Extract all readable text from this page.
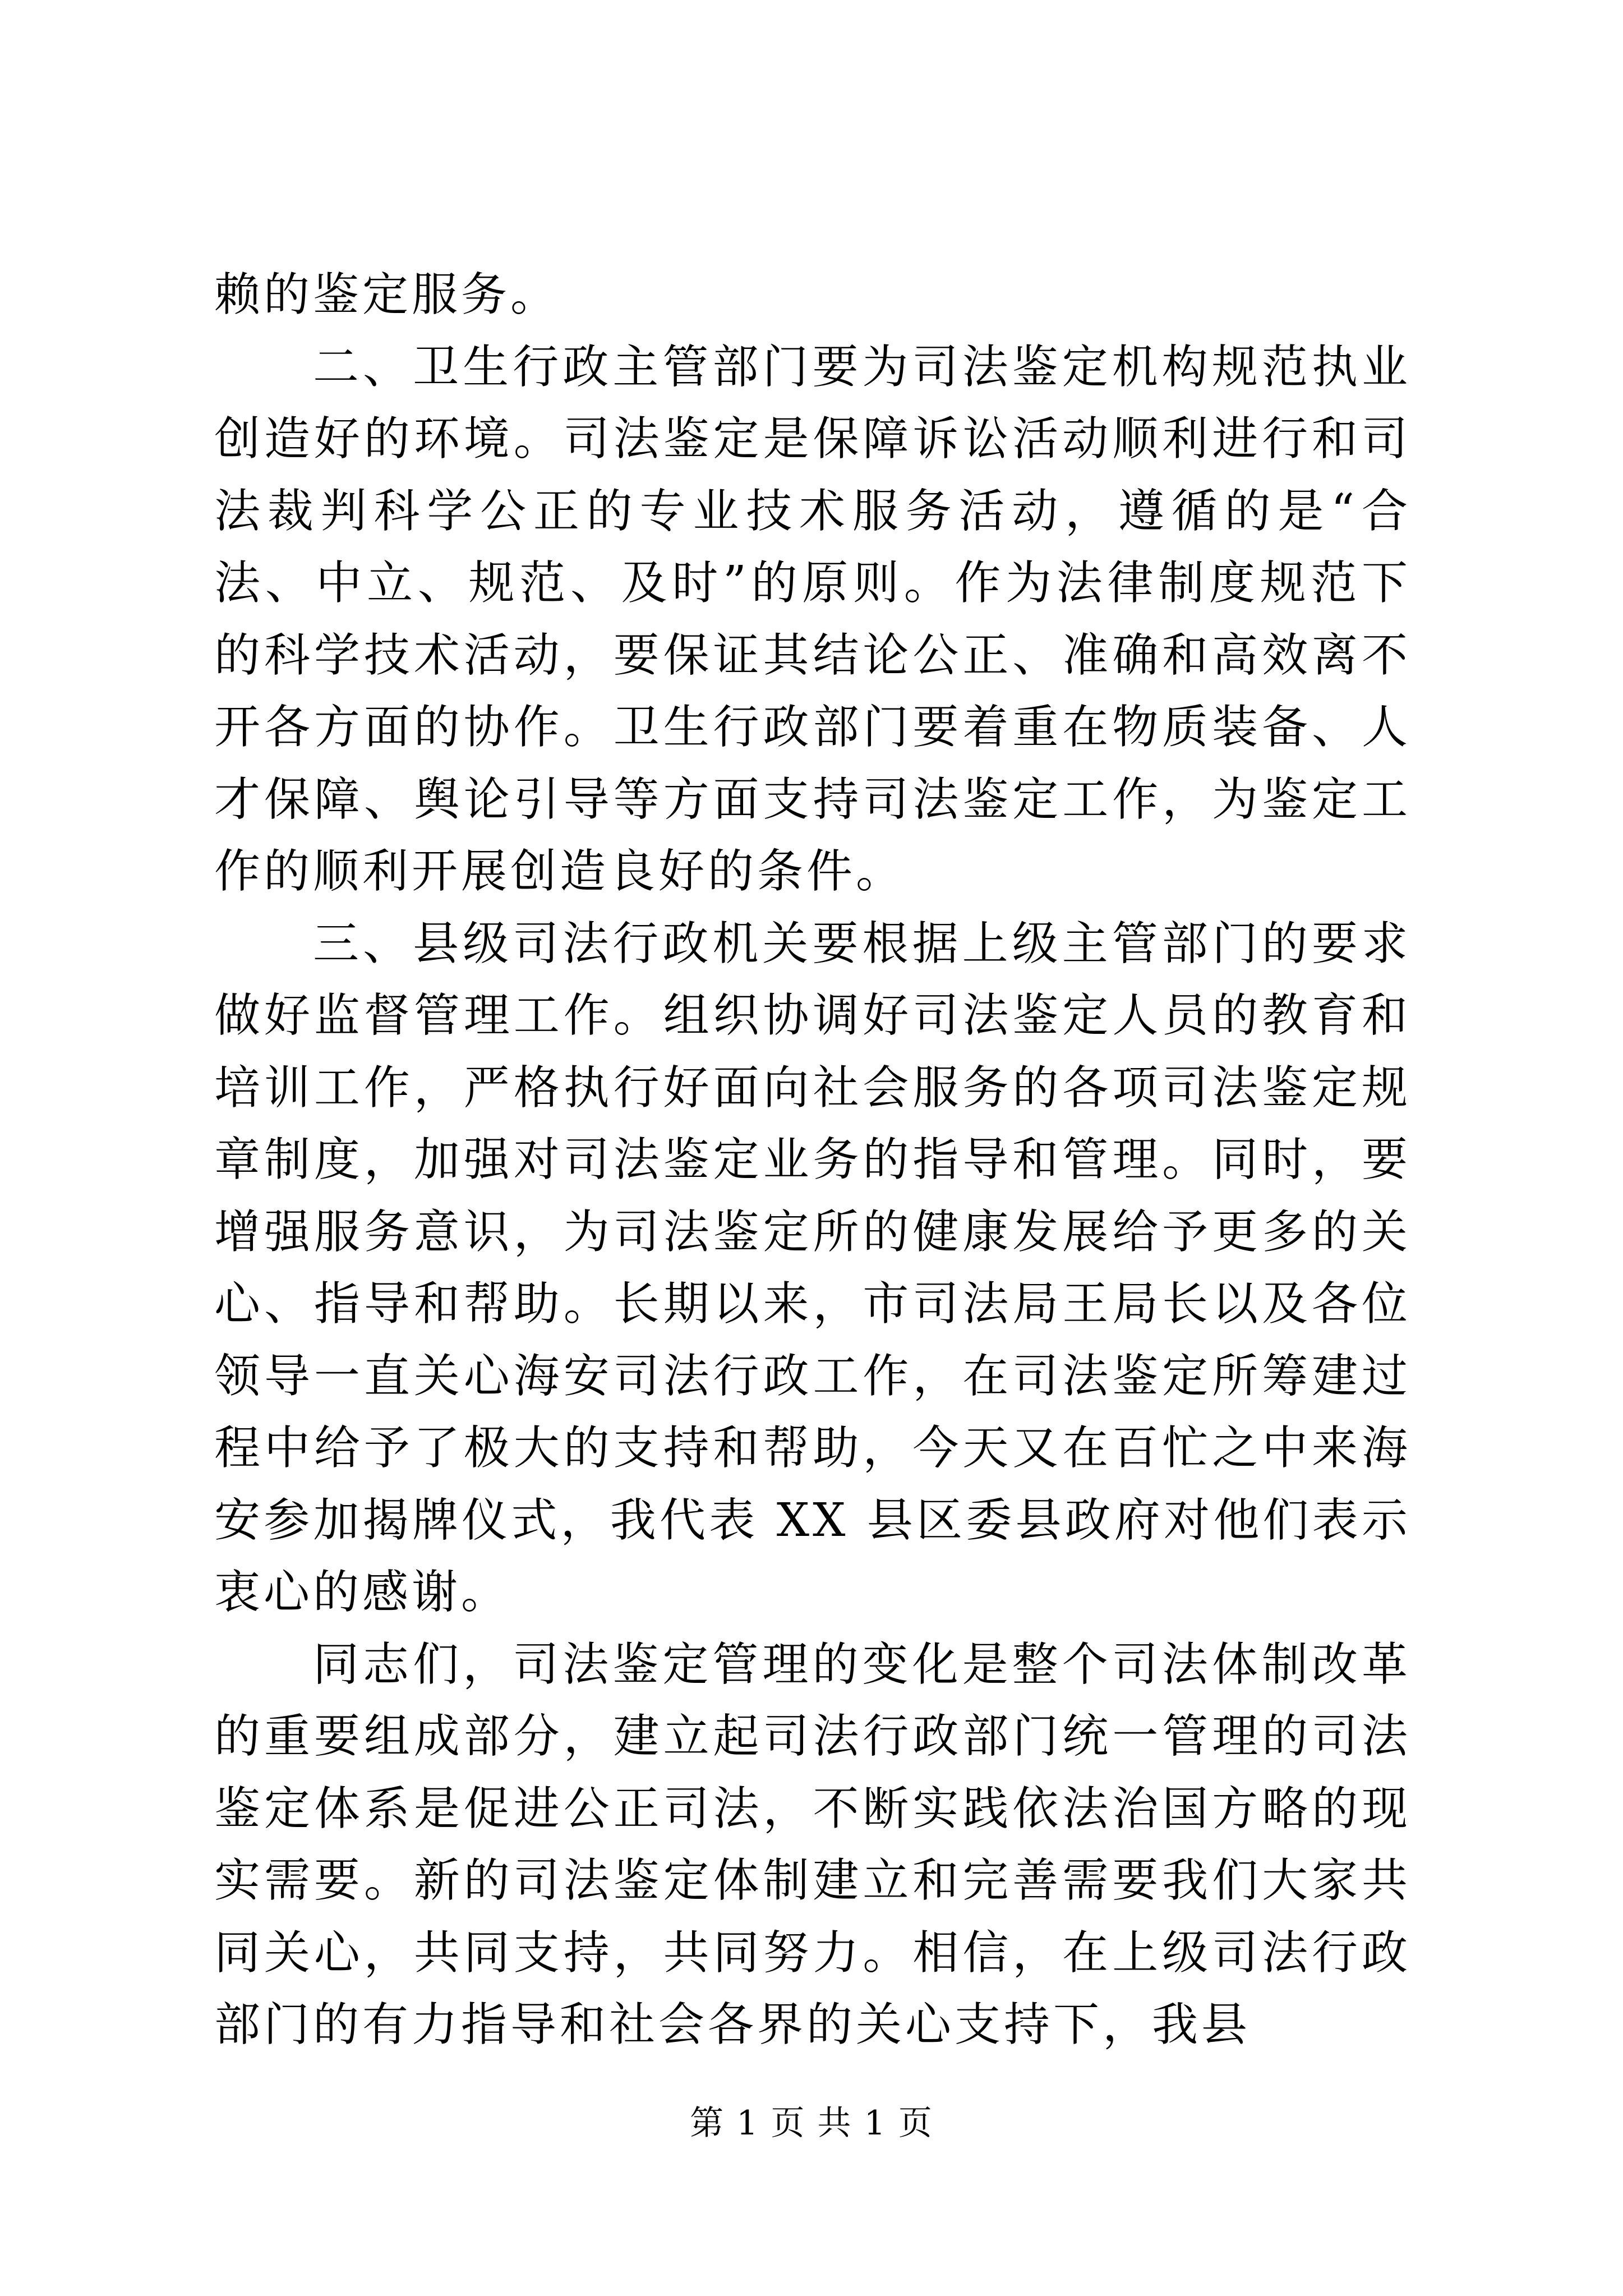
赖的鉴定服务。

二、卫生行政主管部门要为司法鉴定机构规范执业创造好的环境。司法鉴定是保障诉讼活动顺利进行和司法裁判科学公正的专业技术服务活动，遵循的是“合法、中立、规范、及时”的原则。作为法律制度规范下的科学技术活动，要保证其结论公正、准确和高效离不开各方面的协作。卫生行政部门要着重在物质装备、人才保障、舆论引导等方面支持司法鉴定工作，为鉴定工作的顺利开展创造良好的条件。

三、县级司法行政机关要根据上级主管部门的要求做好监督管理工作。组织协调好司法鉴定人员的教育和培训工作，严格执行好面向社会服务的各项司法鉴定规章制度，加强对司法鉴定业务的指导和管理。同时，要增强服务意识，为司法鉴定所的健康发展给予更多的关心、指导和帮助。长期以来，市司法局王局长以及各位领导一直关心海安司法行政工作，在司法鉴定所筹建过程中给予了极大的支持和帮助，今天又在百忙之中来海安参加揭牌仪式，我代表 XX 县区委县政府对他们表示衷心的感谢。

同志们，司法鉴定管理的变化是整个司法体制改革的重要组成部分，建立起司法行政部门统一管理的司法鉴定体系是促进公正司法，不断实践依法治国方略的现实需要。新的司法鉴定体制建立和完善需要我们大家共同关心，共同支持，共同努力。相信，在上级司法行政部门的有力指导和社会各界的关心支持下，我县

第 1 页 共 1 页
